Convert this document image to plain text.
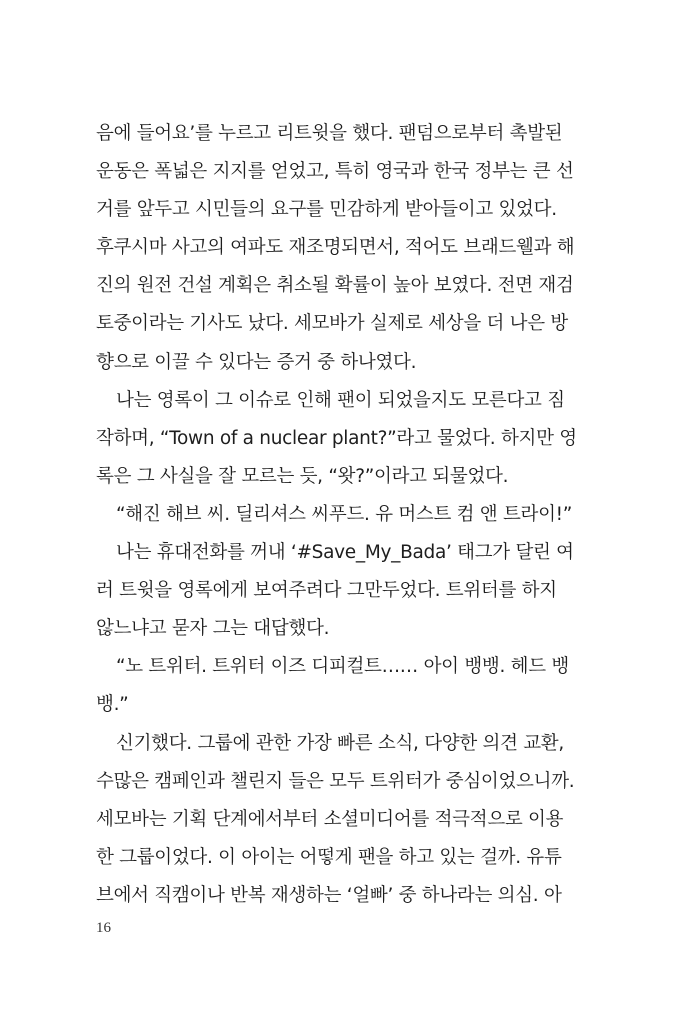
음에 들어요’를 누르고 리트윗을 했다. 팬덤으로부터 촉발된
운동은 폭넓은 지지를 얻었고, 특히 영국과 한국 정부는 큰 선
거를 앞두고 시민들의 요구를 민감하게 받아들이고 있었다.
후쿠시마 사고의 여파도 재조명되면서, 적어도 브래드웰과 해
진의 원전 건설 계획은 취소될 확률이 높아 보였다. 전면 재검
토중이라는 기사도 났다. 세모바가 실제로 세상을 더 나은 방
향으로 이끌 수 있다는 증거 중 하나였다.
나는 영록이 그 이슈로 인해 팬이 되었을지도 모른다고 짐
작하며, “Town of a nuclear plant?”라고 물었다. 하지만 영
록은 그 사실을 잘 모르는 듯, “왓?”이라고 되물었다.
“해진 해브 씨. 딜리셔스 씨푸드. 유 머스트 컴 앤 트라이!”
나는 휴대전화를 꺼내 ‘#Save_My_Bada’ 태그가 달린 여
러 트윗을 영록에게 보여주려다 그만두었다. 트위터를 하지
않느냐고 묻자 그는 대답했다.
“노 트위터. 트위터 이즈 디피컬트…… 아이 뱅뱅. 헤드 뱅
뱅.”
신기했다. 그룹에 관한 가장 빠른 소식, 다양한 의견 교환,
수많은 캠페인과 챌린지 들은 모두 트위터가 중심이었으니까.
세모바는 기획 단계에서부터 소셜미디어를 적극적으로 이용
한 그룹이었다. 이 아이는 어떻게 팬을 하고 있는 걸까. 유튜
브에서 직캠이나 반복 재생하는 ‘얼빠’ 중 하나라는 의심. 아
16
